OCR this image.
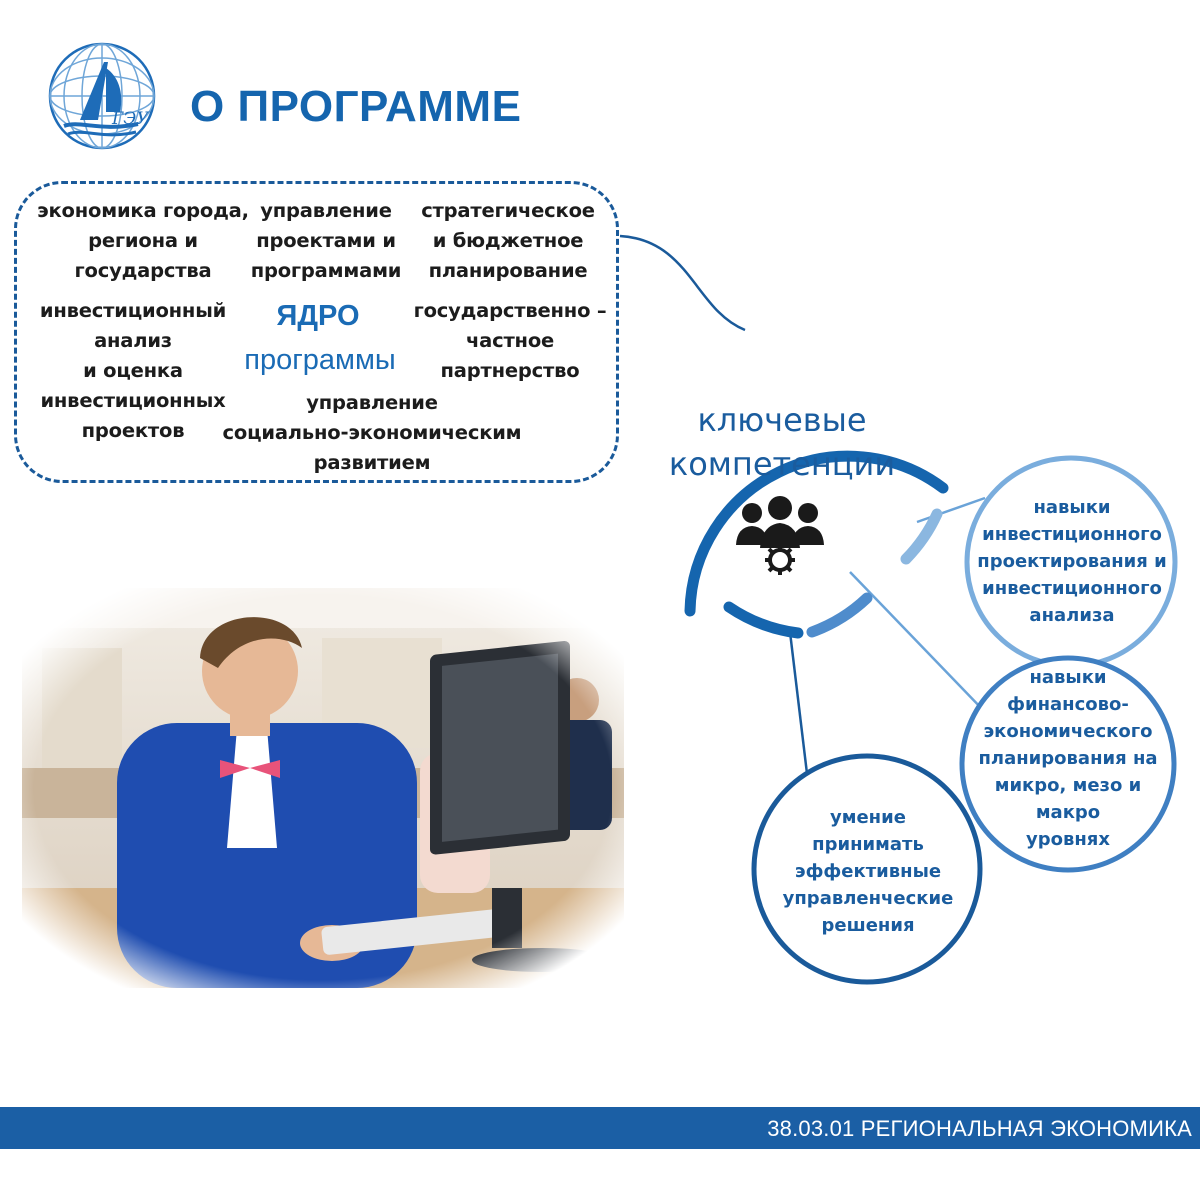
ГЭУ О ПРОГРАММЕ
экономика города,
региона и
государства
управление
проектами и
программами
стратегическое
и бюджетное
планирование
инвестиционный
анализ
и оценка
инвестиционных
проектов
государственно –
частное
партнерство
управление
социально-экономическим
развитием
ЯДРО
программы
ключевые
компетенции
навыки
инвестиционного
проектирования и
инвестиционного
анализа
навыки
финансово-
экономического
планирования на
микро, мезо и
макро
уровнях
умение
принимать
эффективные
управленческие
решения
38.03.01 РЕГИОНАЛЬНАЯ ЭКОНОМИКА
